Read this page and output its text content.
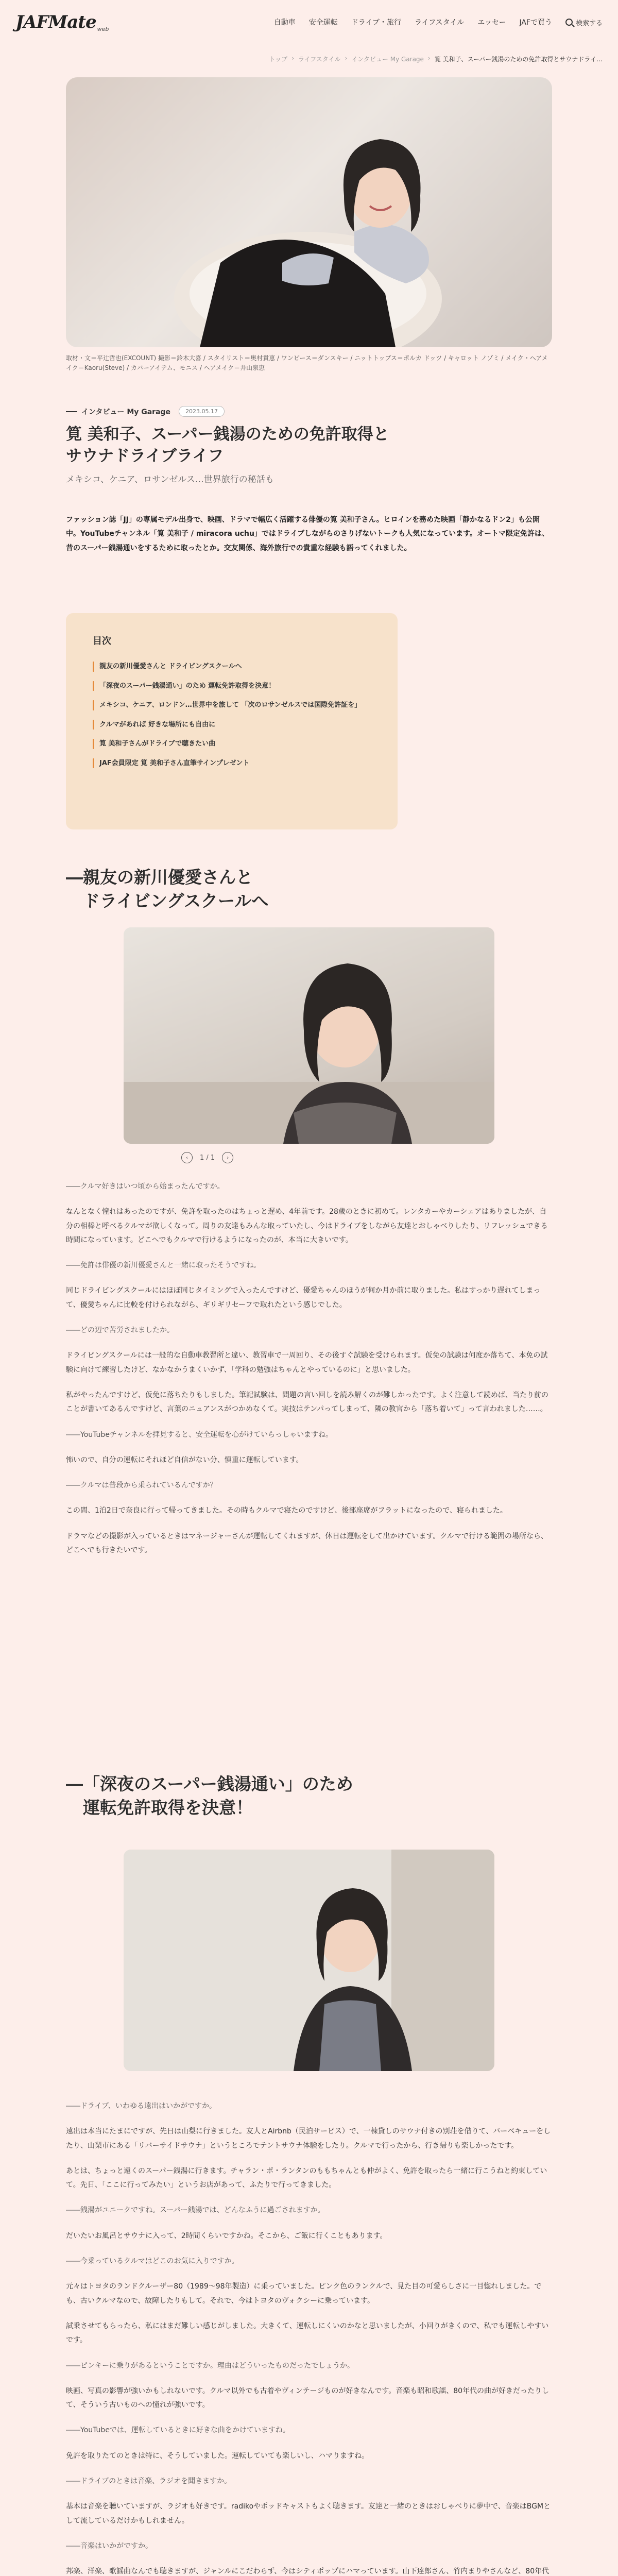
JAFMate web
自動車 安全運転 ドライブ・旅行 ライフスタイル エッセー JAFで買う	検索する
トップ › ライフスタイル › インタビュー My Garage › 筧 美和子、スーパー銭湯のための免許取得とサウナドライ…
取材・文＝平辻哲也(EXCOUNT) 撮影＝鈴木大喜 / スタイリスト＝奥村貴恵 / ワンピース＝ダンスキー / ニットトップス＝ポルカ ドッツ / キャロット ノゾミ / メイク・ヘアメイク＝Kaoru(Steve) / カバーアイテム、モニス / ヘアメイク＝井山泉恵
インタビュー My Garage	2023.05.17
筧 美和子、スーパー銭湯のための免許取得と
サウナドライブライフ
メキシコ、ケニア、ロサンゼルス…世界旅行の秘話も

ファッション誌「JJ」の専属モデル出身で、映画、ドラマで幅広く活躍する俳優の筧 美和子さん。ヒロインを務めた映画「静かなるドン2」も公開中。YouTubeチャンネル「筧 美和子 / miracora uchu」ではドライブしながらのさりげないトークも人気になっています。オートマ限定免許は、昔のスーパー銭湯通いをするために取ったとか。交友関係、海外旅行での貴重な経験も語ってくれました。

目次
親友の新川優愛さんと ドライビングスクールへ
「深夜のスーパー銭湯通い」のため 運転免許取得を決意！
メキシコ、ケニア、ロンドン…世界中を旅して 「次のロサンゼルスでは国際免許証を」
クルマがあれば 好きな場所にも自由に
筧 美和子さんがドライブで聴きたい曲
JAF会員限定 筧 美和子さん直筆サインプレゼント
―親友の新川優愛さんと
ドライビングスクールへ
‹	1 / 1	›

――クルマ好きはいつ頃から始まったんですか。

なんとなく憧れはあったのですが、免許を取ったのはちょっと遅め、4年前です。28歳のときに初めて。レンタカーやカーシェアはありましたが、自分の相棒と呼べるクルマが欲しくなって。周りの友達もみんな取っていたし、今はドライブをしながら友達とおしゃべりしたり、リフレッシュできる時間になっています。どこへでもクルマで行けるようになったのが、本当に大きいです。

――免許は俳優の新川優愛さんと一緒に取ったそうですね。

同じドライビングスクールにはほぼ同じタイミングで入ったんですけど、優愛ちゃんのほうが何か月か前に取りました。私はすっかり遅れてしまって、優愛ちゃんに比較を付けられながら、ギリギリセーフで取れたという感じでした。

――どの辺で苦労されましたか。

ドライビングスクールには一般的な自動車教習所と違い、教習車で一周回り、その後すぐ試験を受けられます。仮免の試験は何度か落ちて、本免の試験に向けて練習したけど、なかなかうまくいかず、「学科の勉強はちゃんとやっているのに」と思いました。

私がやったんですけど、仮免に落ちたりもしました。筆記試験は、問題の言い回しを読み解くのが難しかったです。よく注意して読めば、当たり前のことが書いてあるんですけど、言葉のニュアンスがつかめなくて。実技はテンパってしまって、隣の教官から「落ち着いて」って言われました……。

――YouTubeチャンネルを拝見すると、安全運転を心がけていらっしゃいますね。

怖いので、自分の運転にそれほど自信がない分、慎重に運転しています。

――クルマは普段から乗られているんですか？

この間、1泊2日で奈良に行って帰ってきました。その時もクルマで寝たのですけど、後部座席がフラットになったので、寝られました。

ドラマなどの撮影が入っているときはマネージャーさんが運転してくれますが、休日は運転をして出かけています。クルマで行ける範囲の場所なら、どこへでも行きたいです。

―「深夜のスーパー銭湯通い」のため
運転免許取得を決意！

――ドライブ、いわゆる遠出はいかがですか。

遠出は本当にたまにですが、先日は山梨に行きました。友人とAirbnb（民泊サービス）で、一棟貸しのサウナ付きの別荘を借りて、バーベキューをしたり、山梨市にある「リバーサイドサウナ」というところでテントサウナ体験をしたり。クルマで行ったから、行き帰りも楽しかったです。

あとは、ちょっと遠くのスーパー銭湯に行きます。チャラン・ポ・ランタンのももちゃんとも仲がよく、免許を取ったら一緒に行こうねと約束していて。先日、「ここに行ってみたい」というお店があって、ふたりで行ってきました。

――銭湯がユニークですね。スーパー銭湯では、どんなふうに過ごされますか。

だいたいお風呂とサウナに入って、2時間くらいですかね。そこから、ご飯に行くこともあります。

――今乗っているクルマはどこのお気に入りですか。

元々はトヨタのランドクルーザー80（1989〜98年製造）に乗っていました。ピンク色のランクルで、見た目の可愛らしさに一目惚れしました。でも、古いクルマなので、故障したりもして。それで、今はトヨタのヴォクシーに乗っています。

試乗させてもらったら、私にはまだ難しい感じがしました。大きくて、運転しにくいのかなと思いましたが、小回りがきくので、私でも運転しやすいです。

――ピンキーに乗りがあるということですか。理由はどういったものだったでしょうか。

映画、写真の影響が強いかもしれないです。クルマ以外でも古着やヴィンテージものが好きなんです。音楽も昭和歌謡、80年代の曲が好きだったりして、そういう古いものへの憧れが強いです。

――YouTubeでは、運転しているときに好きな曲をかけていますね。

免許を取りたてのときは特に、そうしていました。運転していても楽しいし、ハマりますね。

――ドライブのときは音楽、ラジオを聞きますか。

基本は音楽を聴いていますが、ラジオも好きです。radikoやポッドキャストもよく聴きます。友達と一緒のときはおしゃべりに夢中で、音楽はBGMとして流しているだけかもしれません。

――音楽はいかがですか。

邦楽、洋楽、歌謡曲なんでも聴きますが、ジャンルにこだわらず、今はシティポップにハマっています。山下達郎さん、竹内まりやさんなど、80年代
